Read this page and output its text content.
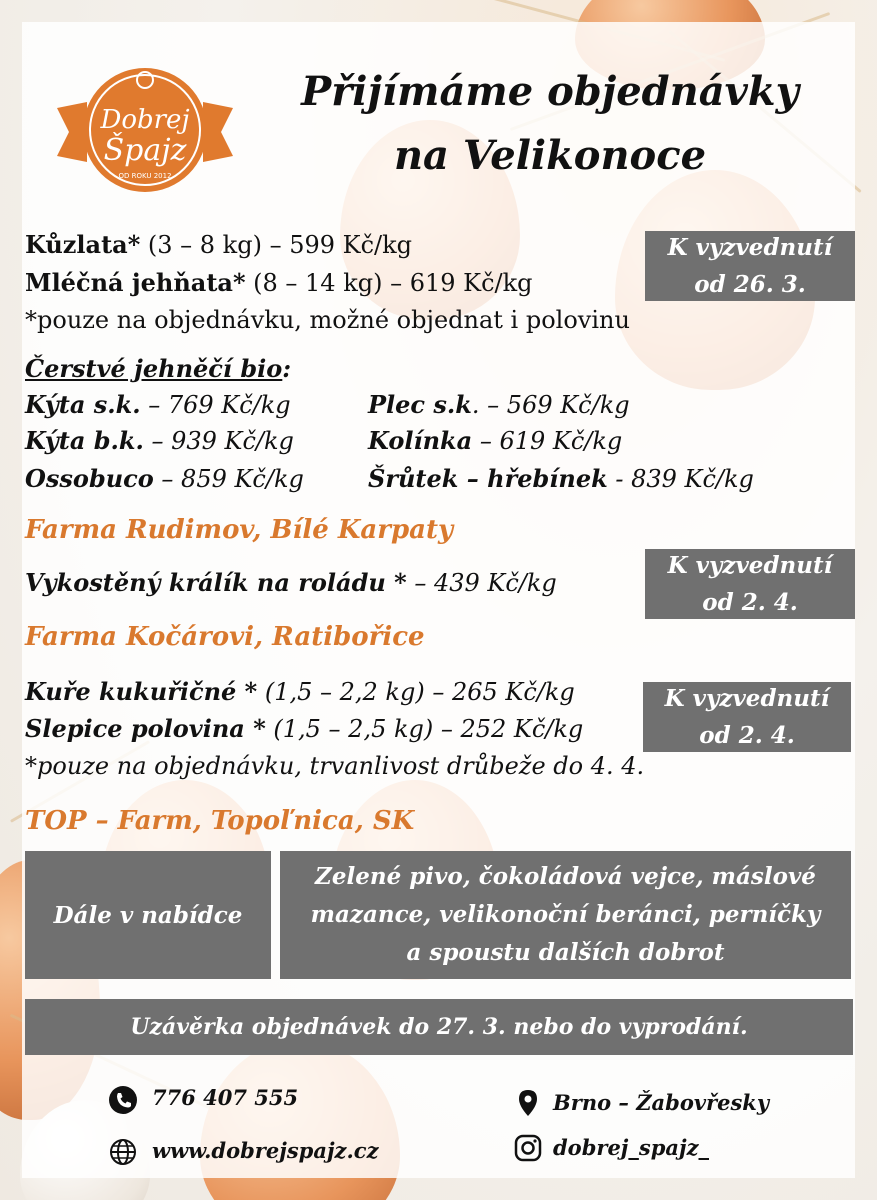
Dobrej
Špajz
OD ROKU 2012
Přijímáme objednávky
na Velikonoce
Kůzlata* (3 – 8 kg) – 599 Kč/kg
Mléčná jehňata* (8 – 14 kg) – 619 Kč/kg
*pouze na objednávku, možné objednat i polovinu
K vyzvednutí
od 26. 3.
Čerstvé jehněčí bio:
Kýta s.k. – 769 Kč/kg
Kýta b.k. – 939 Kč/kg
Ossobuco – 859 Kč/kg
Plec s.k. – 569 Kč/kg
Kolínka – 619 Kč/kg
Šrůtek – hřebínek - 839 Kč/kg
Farma Rudimov, Bílé Karpaty
Vykostěný králík na roládu * – 439 Kč/kg
K vyzvednutí
od 2. 4.
Farma Kočárovi, Ratibořice
Kuře kukuřičné * (1,5 – 2,2 kg) – 265 Kč/kg
Slepice polovina * (1,5 – 2,5 kg) – 252 Kč/kg
*pouze na objednávku, trvanlivost drůbeže do 4. 4.
K vyzvednutí
od 2. 4.
TOP – Farm, Topoľnica, SK
Dále v nabídce
Zelené pivo, čokoládová vejce, máslové
mazance, velikonoční beránci, perníčky
a spoustu dalších dobrot
Uzávěrka objednávek do 27. 3. nebo do vyprodání.
776 407 555
www.dobrejspajz.cz
Brno – Žabovřesky
dobrej_spajz_
